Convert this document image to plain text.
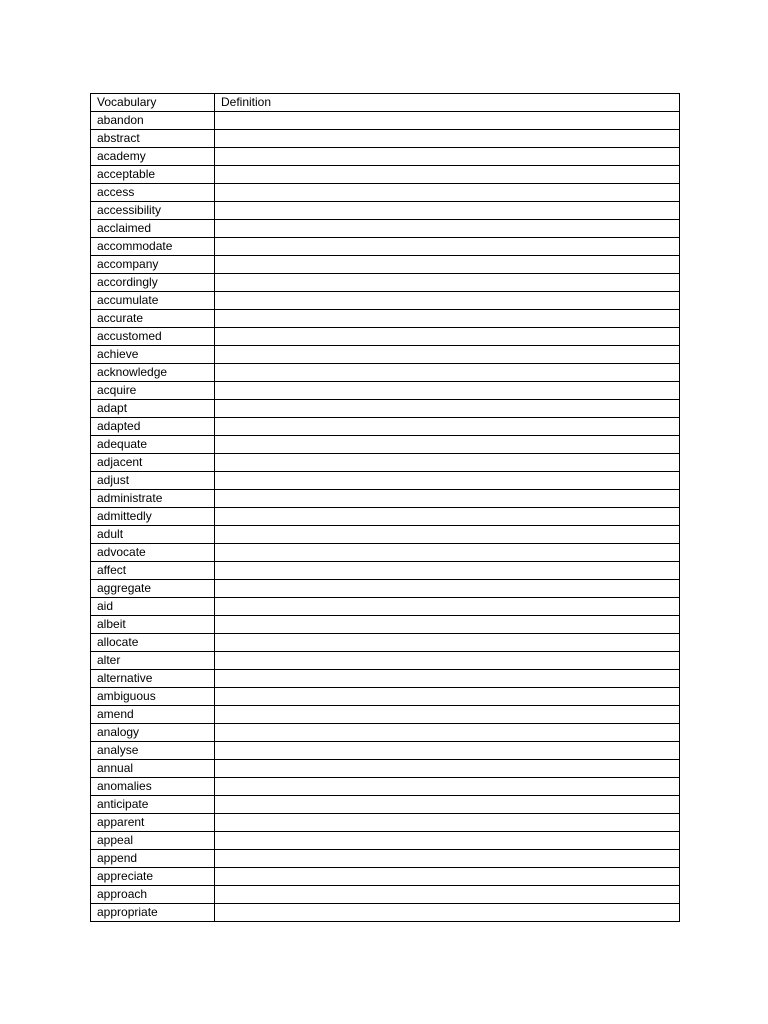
Vocabulary	Definition
abandon	
abstract	
academy	
acceptable	
access	
accessibility	
acclaimed	
accommodate	
accompany	
accordingly	
accumulate	
accurate	
accustomed	
achieve	
acknowledge	
acquire	
adapt	
adapted	
adequate	
adjacent	
adjust	
administrate	
admittedly	
adult	
advocate	
affect	
aggregate	
aid	
albeit	
allocate	
alter	
alternative	
ambiguous	
amend	
analogy	
analyse	
annual	
anomalies	
anticipate	
apparent	
appeal	
append	
appreciate	
approach	
appropriate	
